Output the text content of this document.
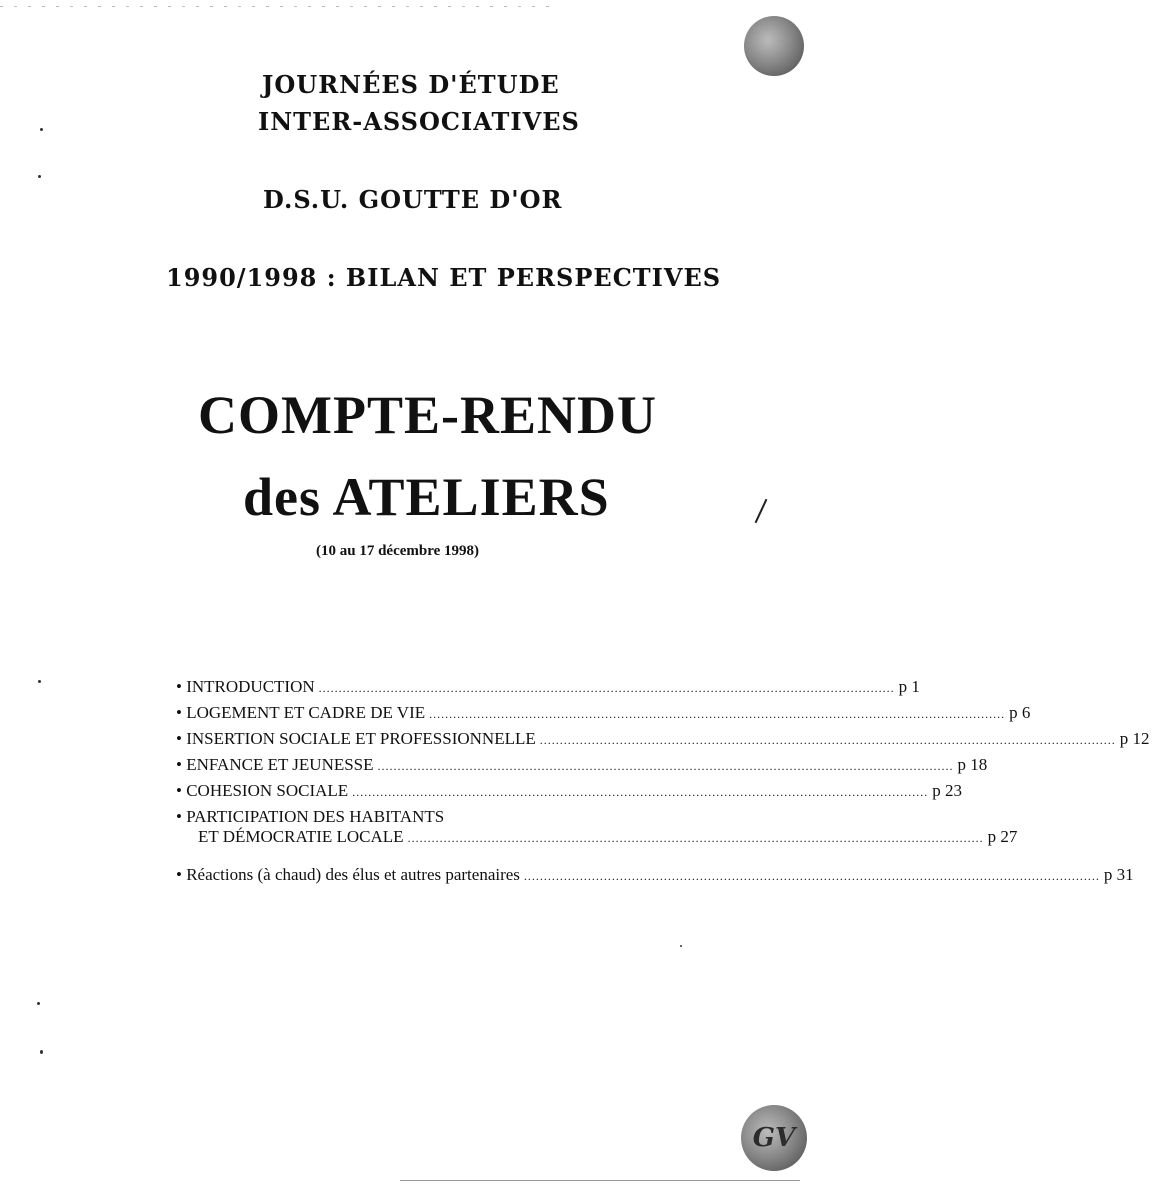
JOURNÉES D'ÉTUDE
INTER-ASSOCIATIVES
D.S.U. GOUTTE D'OR
1990/1998 : BILAN ET PERSPECTIVES
COMPTE-RENDU
des ATELIERS
(10 au 17 décembre 1998)
• INTRODUCTION ................................................................................................................................................ p 1
• LOGEMENT ET CADRE DE VIE ................................................................................................................................................ p 6
• INSERTION SOCIALE ET PROFESSIONNELLE ................................................................................................................................................ p 12
• ENFANCE ET JEUNESSE ................................................................................................................................................ p 18
• COHESION SOCIALE ................................................................................................................................................ p 23
• PARTICIPATION DES HABITANTS
ET DÉMOCRATIE LOCALE ................................................................................................................................................ p 27
• Réactions (à chaud) des élus et autres partenaires ................................................................................................................................................ p 31
GV
